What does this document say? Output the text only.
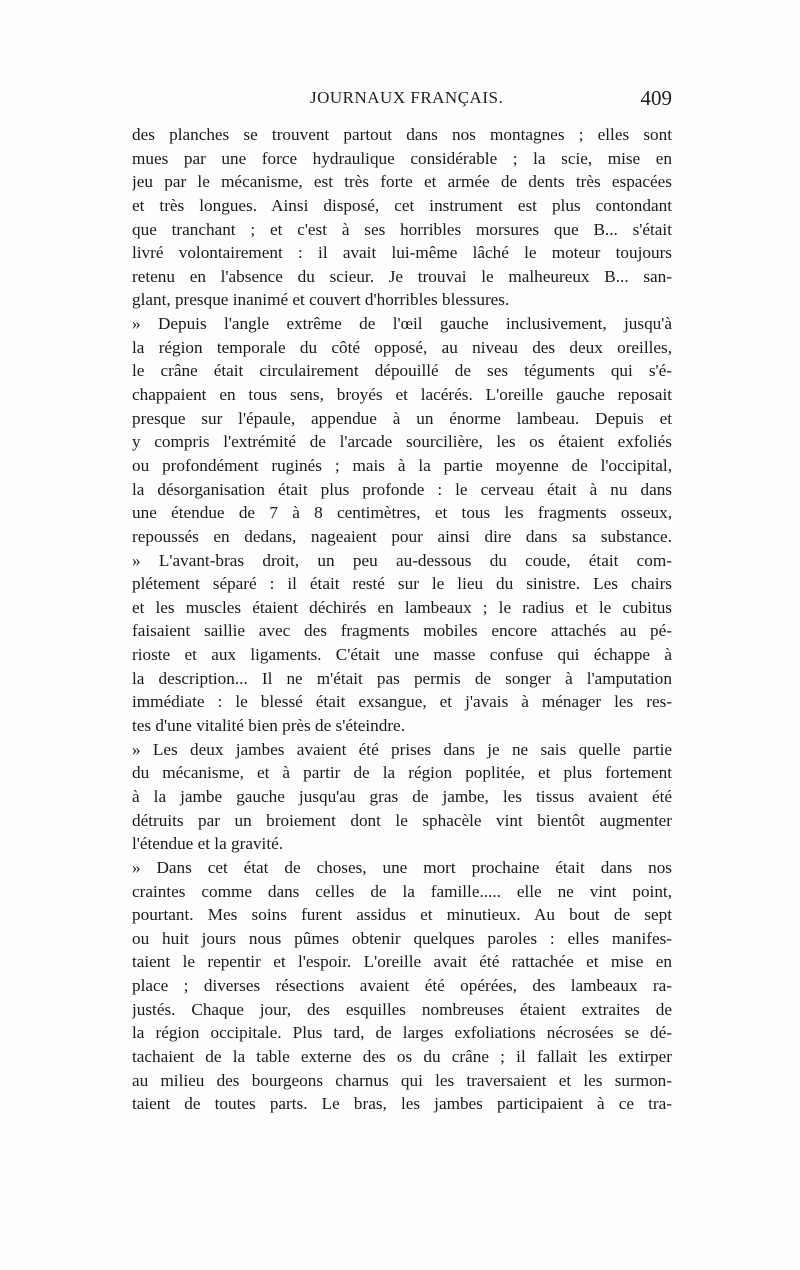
JOURNAUX FRANÇAIS.	409
des planches se trouvent partout dans nos montagnes ; elles sont
mues par une force hydraulique considérable ; la scie, mise en
jeu par le mécanisme, est très forte et armée de dents très espacées
et très longues. Ainsi disposé, cet instrument est plus contondant
que tranchant ; et c'est à ses horribles morsures que B... s'était
livré volontairement : il avait lui-même lâché le moteur toujours
retenu en l'absence du scieur. Je trouvai le malheureux B... san-
glant, presque inanimé et couvert d'horribles blessures.
» Depuis l'angle extrême de l'œil gauche inclusivement, jusqu'à
la région temporale du côté opposé, au niveau des deux oreilles,
le crâne était circulairement dépouillé de ses téguments qui s'é-
chappaient en tous sens, broyés et lacérés. L'oreille gauche reposait
presque sur l'épaule, appendue à un énorme lambeau. Depuis et
y compris l'extrémité de l'arcade sourcilière, les os étaient exfoliés
ou profondément ruginés ; mais à la partie moyenne de l'occipital,
la désorganisation était plus profonde : le cerveau était à nu dans
une étendue de 7 à 8 centimètres, et tous les fragments osseux,
repoussés en dedans, nageaient pour ainsi dire dans sa substance.
» L'avant-bras droit, un peu au-dessous du coude, était com-
plétement séparé : il était resté sur le lieu du sinistre. Les chairs
et les muscles étaient déchirés en lambeaux ; le radius et le cubitus
faisaient saillie avec des fragments mobiles encore attachés au pé-
rioste et aux ligaments. C'était une masse confuse qui échappe à
la description... Il ne m'était pas permis de songer à l'amputation
immédiate : le blessé était exsangue, et j'avais à ménager les res-
tes d'une vitalité bien près de s'éteindre.
» Les deux jambes avaient été prises dans je ne sais quelle partie
du mécanisme, et à partir de la région poplitée, et plus fortement
à la jambe gauche jusqu'au gras de jambe, les tissus avaient été
détruits par un broiement dont le sphacèle vint bientôt augmenter
l'étendue et la gravité.
» Dans cet état de choses, une mort prochaine était dans nos
craintes comme dans celles de la famille..... elle ne vint point,
pourtant. Mes soins furent assidus et minutieux. Au bout de sept
ou huit jours nous pûmes obtenir quelques paroles : elles manifes-
taient le repentir et l'espoir. L'oreille avait été rattachée et mise en
place ; diverses résections avaient été opérées, des lambeaux ra-
justés. Chaque jour, des esquilles nombreuses étaient extraites de
la région occipitale. Plus tard, de larges exfoliations nécrosées se dé-
tachaient de la table externe des os du crâne ; il fallait les extirper
au milieu des bourgeons charnus qui les traversaient et les surmon-
taient de toutes parts. Le bras, les jambes participaient à ce tra-
